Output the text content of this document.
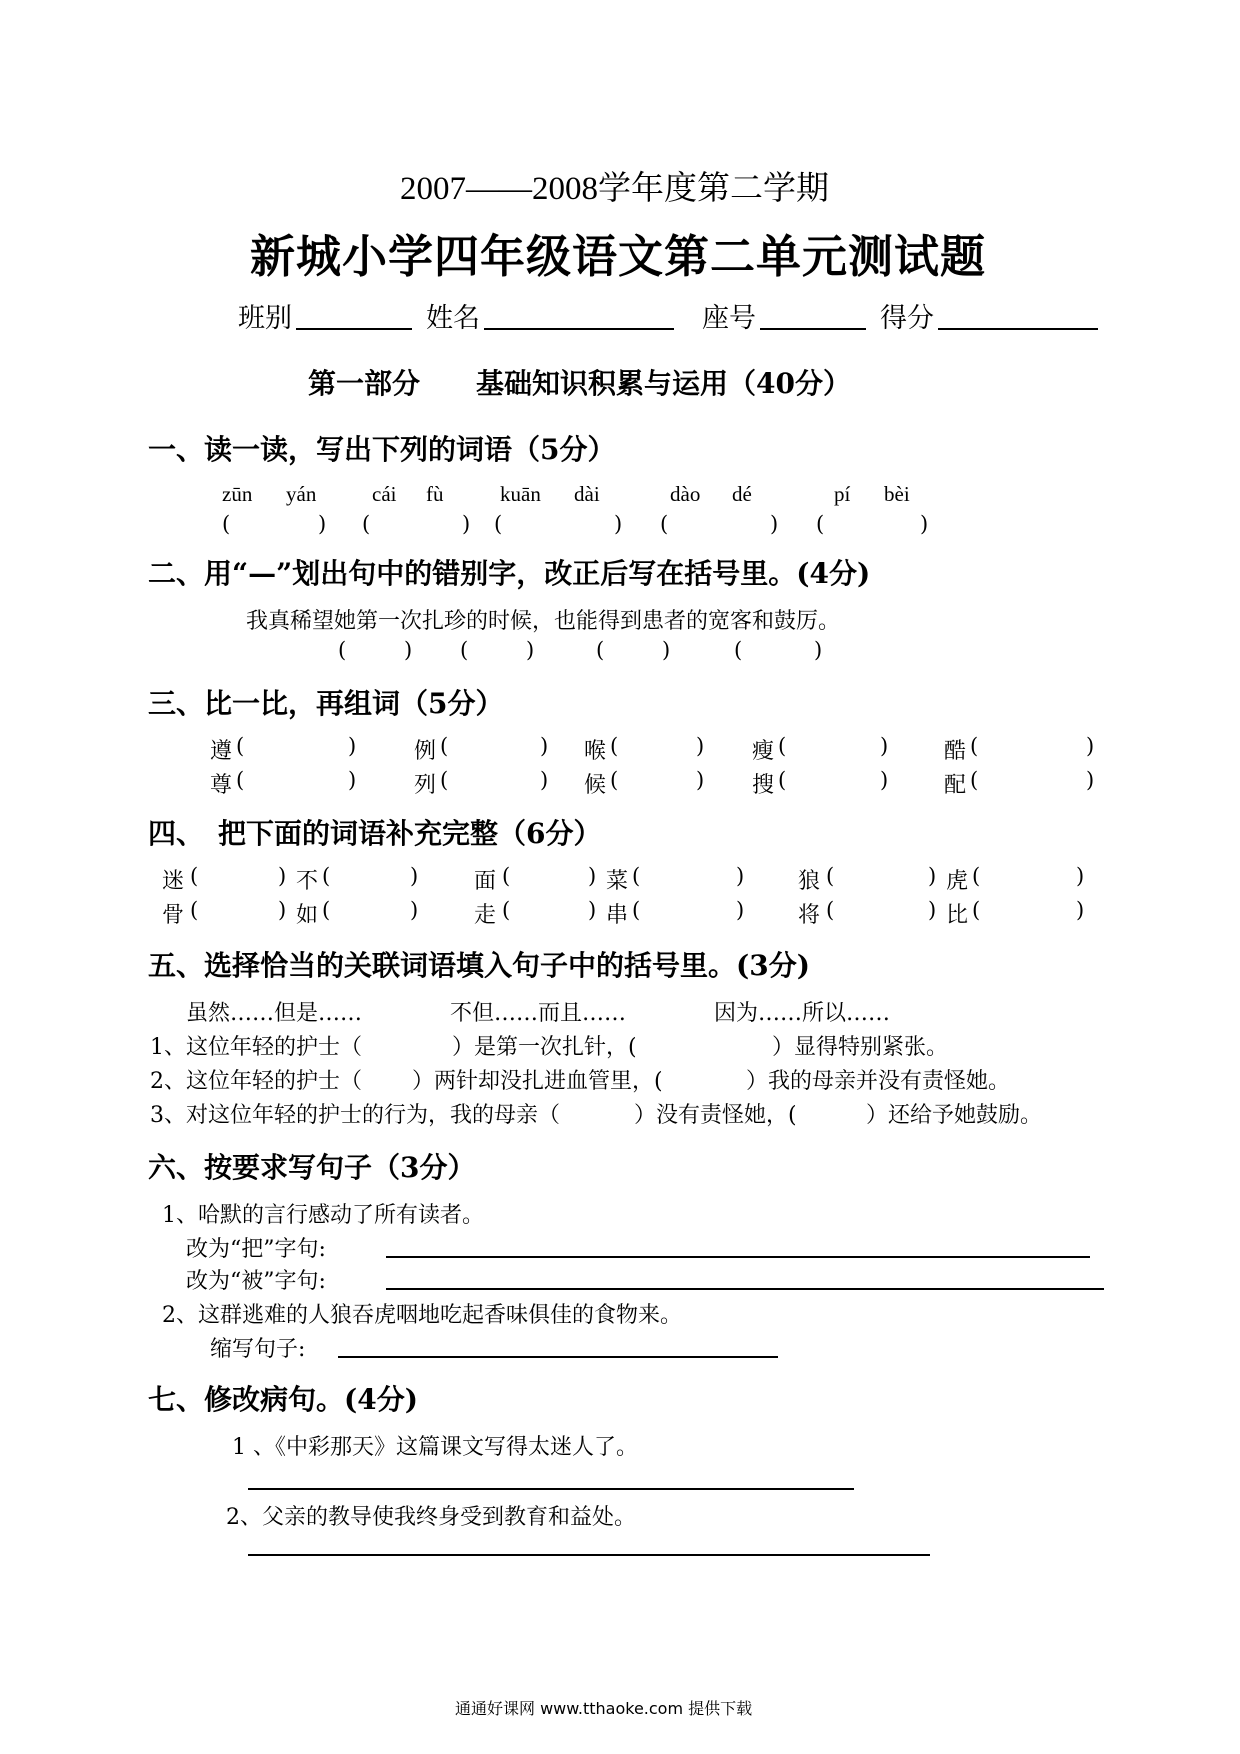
2007——2008学年度第二学期
新城小学四年级语文第二单元测试题
班别	姓名	座号	得分
第一部分　　基础知识积累与运用（40分）
一、读一读，写出下列的词语（5分）
zūn yán	cái fù	kuān dài	dào dé	pí bèi
(	) (	) (	) (	) (	)
二、用“—”划出句中的错别字，改正后写在括号里。(4分)
我真稀望她第一次扎珍的时候，也能得到患者的宽客和鼓厉。
(	) (	)	(	)	(	)
三、比一比，再组词（5分）
遵 (	)	例 (	) 喉 (	) 瘦 (	)	酷 (	)
尊 (	)	列 (	) 候 (	) 搜 (	)	配 (	)
四、　把下面的词语补充完整（6分）
迷 (	) 不 (	)	面 (	) 菜 (	) 狼 (	) 虎 (	)
骨 (	) 如 (	)	走 (	) 串 (	) 将 (	) 比 (	)
五、选择恰当的关联词语填入句子中的括号里。(3分)
虽然……但是……	不但……而且……	因为……所以……
1、这位年轻的护士（	）是第一次扎针，(	）显得特别紧张。
2、这位年轻的护士（ ）两针却没扎进血管里，(	）我的母亲并没有责怪她。
3、对这位年轻的护士的行为，我的母亲（	）没有责怪她，(	）还给予她鼓励。
六、按要求写句子（3分）
1、哈默的言行感动了所有读者。
改为“把”字句:
改为“被”字句:
2、这群逃难的人狼吞虎咽地吃起香味俱佳的食物来。
缩写句子:
七、修改病句。(4分)
1 、《中彩那天》这篇课文写得太迷人了。
2、父亲的教导使我终身受到教育和益处。
通通好课网 www.tthaoke.com 提供下载
